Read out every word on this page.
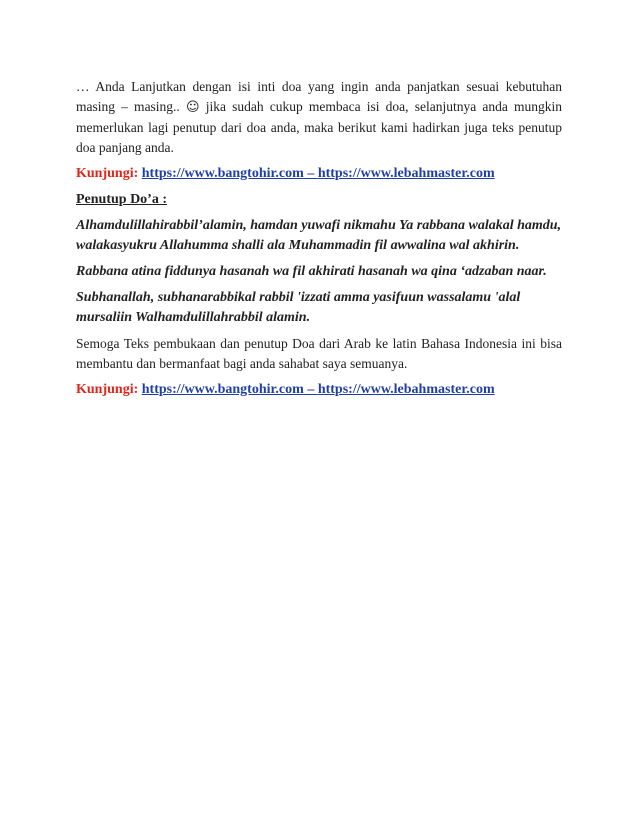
… Anda Lanjutkan dengan isi inti doa yang ingin anda panjatkan sesuai kebutuhan masing – masing.. ☺ jika sudah cukup membaca isi doa, selanjutnya anda mungkin memerlukan lagi penutup dari doa anda, maka berikut kami hadirkan juga teks penutup doa panjang anda.

Kunjungi: https://www.bangtohir.com – https://www.lebahmaster.com

Penutup Do’a :

Alhamdulillahirabbil’alamin, hamdan yuwafi nikmahu Ya rabbana walakal hamdu, walakasyukru Allahumma shalli ala Muhammadin fil awwalina wal akhirin.

Rabbana atina fiddunya hasanah wa fil akhirati hasanah wa qina ‘adzaban naar.

Subhanallah, subhanarabbikal rabbil 'izzati amma yasifuun wassalamu 'alal mursaliin Walhamdulillahrabbil alamin.

Semoga Teks pembukaan dan penutup Doa dari Arab ke latin Bahasa Indonesia ini bisa membantu dan bermanfaat bagi anda sahabat saya semuanya.

Kunjungi: https://www.bangtohir.com – https://www.lebahmaster.com
